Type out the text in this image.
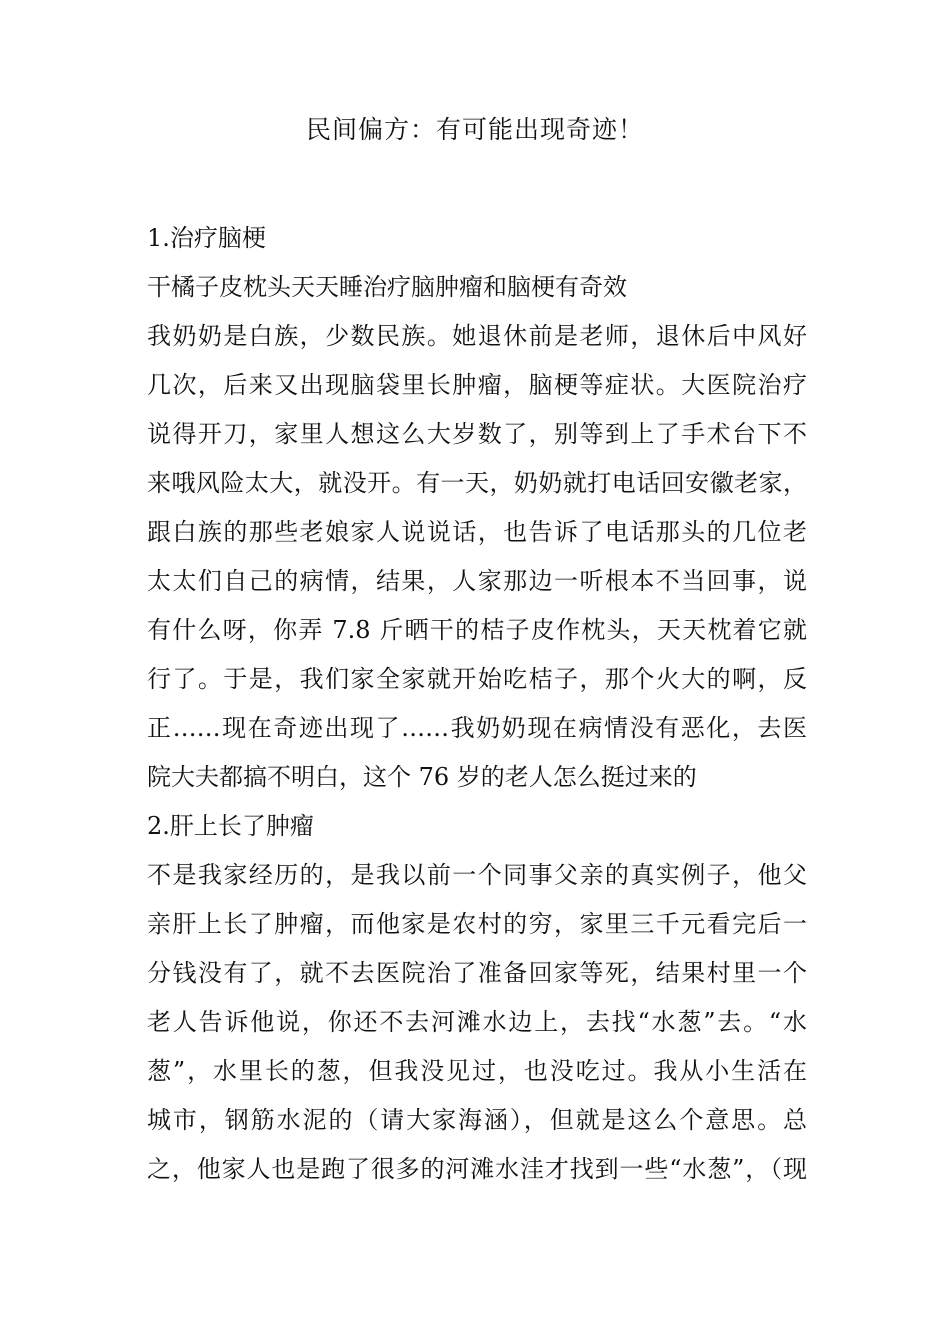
民间偏方：有可能出现奇迹！
1.治疗脑梗
干橘子皮枕头天天睡治疗脑肿瘤和脑梗有奇效
我奶奶是白族，少数民族。她退休前是老师，退休后中风好
几次，后来又出现脑袋里长肿瘤，脑梗等症状。大医院治疗
说得开刀，家里人想这么大岁数了，别等到上了手术台下不
来哦风险太大，就没开。有一天，奶奶就打电话回安徽老家，
跟白族的那些老娘家人说说话，也告诉了电话那头的几位老
太太们自己的病情，结果，人家那边一听根本不当回事，说
有什么呀，你弄 7.8 斤晒干的桔子皮作枕头，天天枕着它就
行了。于是，我们家全家就开始吃桔子，那个火大的啊，反
正……现在奇迹出现了……我奶奶现在病情没有恶化，去医
院大夫都搞不明白，这个 76 岁的老人怎么挺过来的
2.肝上长了肿瘤
不是我家经历的，是我以前一个同事父亲的真实例子，他父
亲肝上长了肿瘤，而他家是农村的穷，家里三千元看完后一
分钱没有了，就不去医院治了准备回家等死，结果村里一个
老人告诉他说，你还不去河滩水边上，去找“水葱”去。“水
葱”，水里长的葱，但我没见过，也没吃过。我从小生活在
城市，钢筋水泥的（请大家海涵），但就是这么个意思。总
之，他家人也是跑了很多的河滩水洼才找到一些“水葱”，（现
